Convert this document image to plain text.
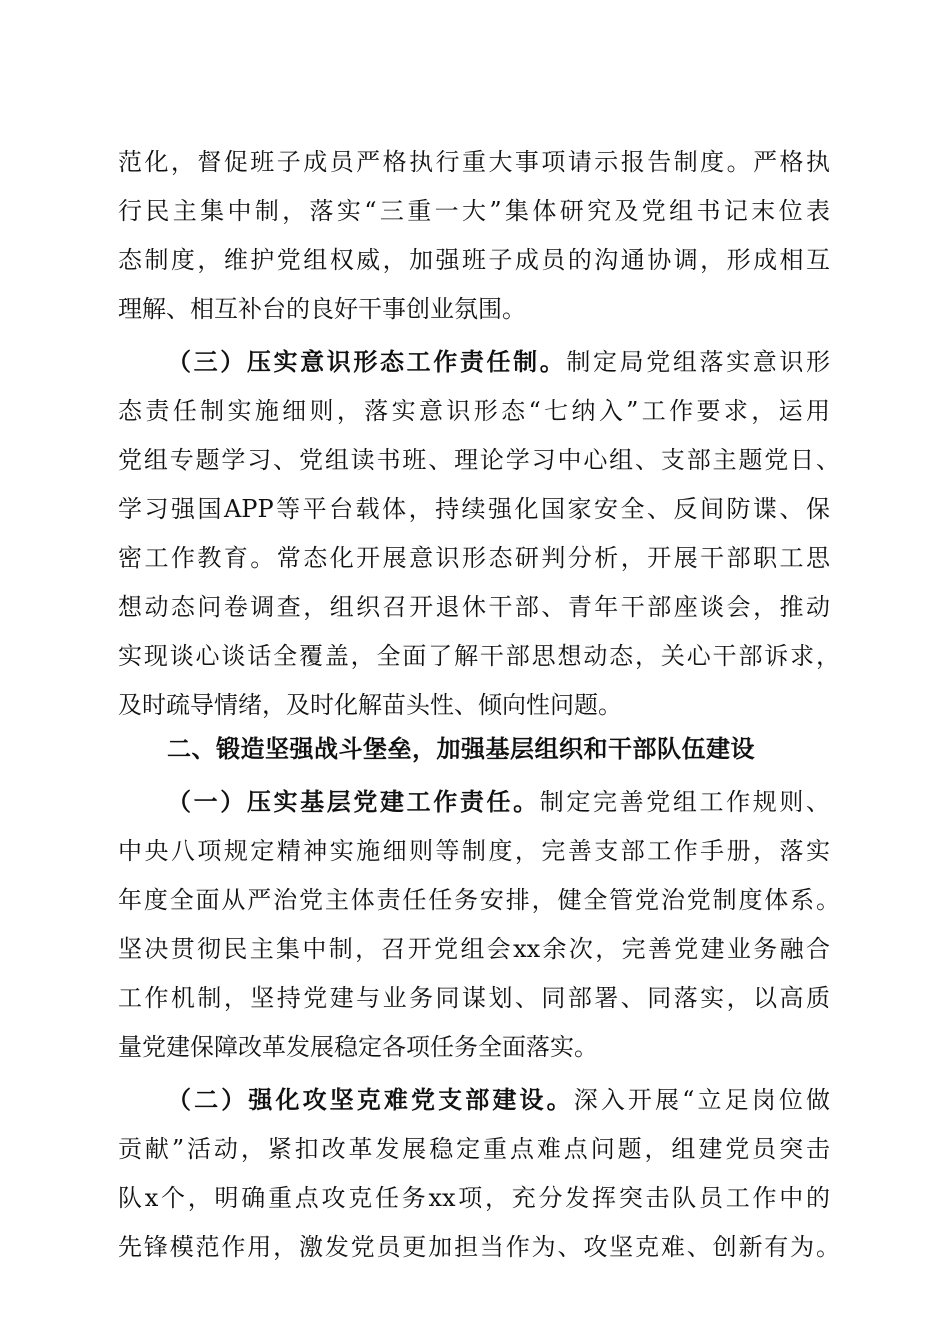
范化，督促班子成员严格执行重大事项请示报告制度。严格执
行民主集中制，落实“三重一大”集体研究及党组书记末位表
态制度，维护党组权威，加强班子成员的沟通协调，形成相互
理解、相互补台的良好干事创业氛围。
（三）压实意识形态工作责任制。制定局党组落实意识形
态责任制实施细则，落实意识形态“七纳入”工作要求，运用
党组专题学习、党组读书班、理论学习中心组、支部主题党日、
学习强国APP等平台载体，持续强化国家安全、反间防谍、保
密工作教育。常态化开展意识形态研判分析，开展干部职工思
想动态问卷调查，组织召开退休干部、青年干部座谈会，推动
实现谈心谈话全覆盖，全面了解干部思想动态，关心干部诉求，
及时疏导情绪，及时化解苗头性、倾向性问题。
二、锻造坚强战斗堡垒，加强基层组织和干部队伍建设
（一）压实基层党建工作责任。制定完善党组工作规则、
中央八项规定精神实施细则等制度，完善支部工作手册，落实
年度全面从严治党主体责任任务安排，健全管党治党制度体系。
坚决贯彻民主集中制，召开党组会xx余次，完善党建业务融合
工作机制，坚持党建与业务同谋划、同部署、同落实，以高质
量党建保障改革发展稳定各项任务全面落实。
（二）强化攻坚克难党支部建设。深入开展“立足岗位做
贡献”活动，紧扣改革发展稳定重点难点问题，组建党员突击
队x个，明确重点攻克任务xx项，充分发挥突击队员工作中的
先锋模范作用，激发党员更加担当作为、攻坚克难、创新有为。
